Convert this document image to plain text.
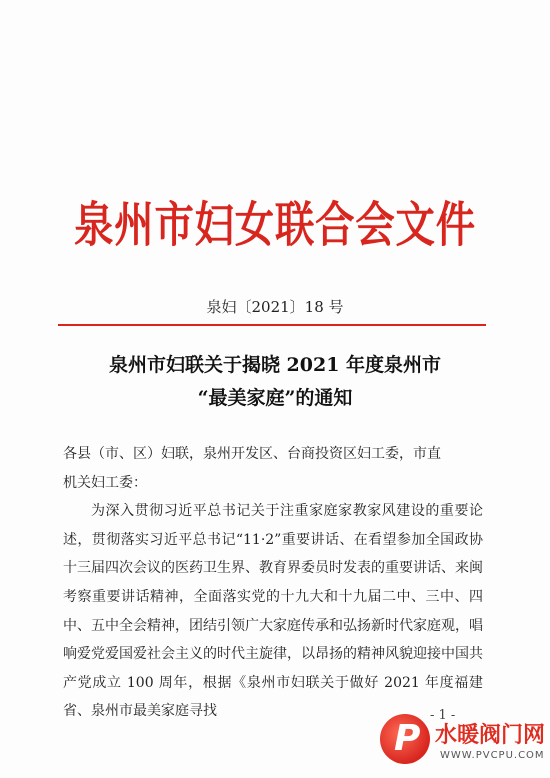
泉州市妇女联合会文件
泉妇〔2021〕18 号
泉州市妇联关于揭晓 2021 年度泉州市
“最美家庭”的通知

各县（市、区）妇联，泉州开发区、台商投资区妇工委，市直

机关妇工委：

为深入贯彻习近平总书记关于注重家庭家教家风建设的重要论述，贯彻落实习近平总书记“11·2”重要讲话、在看望参加全国政协十三届四次会议的医药卫生界、教育界委员时发表的重要讲话、来闽考察重要讲话精神，全面落实党的十九大和十九届二中、三中、四中、五中全会精神，团结引领广大家庭传承和弘扬新时代家庭观，唱响爱党爱国爱社会主义的时代主旋律，以昂扬的精神风貌迎接中国共产党成立 100 周年，根据《泉州市妇联关于做好 2021 年度福建省、泉州市最美家庭寻找	- 1 -
P 水暖阀门网
WWW.PVCPU.COM
